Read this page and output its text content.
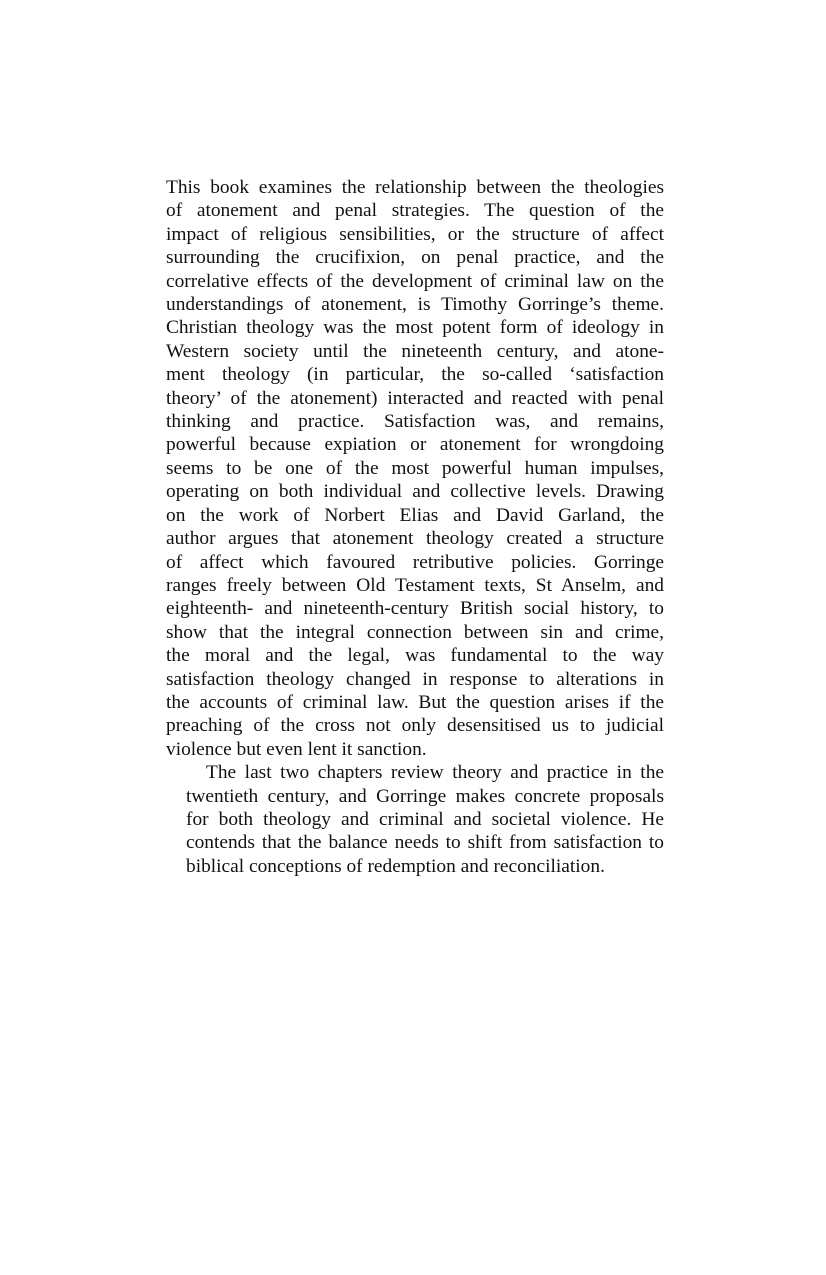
This book examines the relationship between the theologies
of atonement and penal strategies. The question of the
impact of religious sensibilities, or the structure of affect
surrounding the crucifixion, on penal practice, and the
correlative effects of the development of criminal law on the
understandings of atonement, is Timothy Gorringe’s theme.
Christian theology was the most potent form of ideology in
Western society until the nineteenth century, and atone-
ment theology (in particular, the so-called ‘satisfaction
theory’ of the atonement) interacted and reacted with penal
thinking and practice. Satisfaction was, and remains,
powerful because expiation or atonement for wrongdoing
seems to be one of the most powerful human impulses,
operating on both individual and collective levels. Drawing
on the work of Norbert Elias and David Garland, the
author argues that atonement theology created a structure
of affect which favoured retributive policies. Gorringe
ranges freely between Old Testament texts, St Anselm, and
eighteenth- and nineteenth-century British social history, to
show that the integral connection between sin and crime,
the moral and the legal, was fundamental to the way
satisfaction theology changed in response to alterations in
the accounts of criminal law. But the question arises if the
preaching of the cross not only desensitised us to judicial
violence but even lent it sanction.

The last two chapters review theory and practice in the
twentieth century, and Gorringe makes concrete proposals
for both theology and criminal and societal violence. He
contends that the balance needs to shift from satisfaction to
biblical conceptions of redemption and reconciliation.
